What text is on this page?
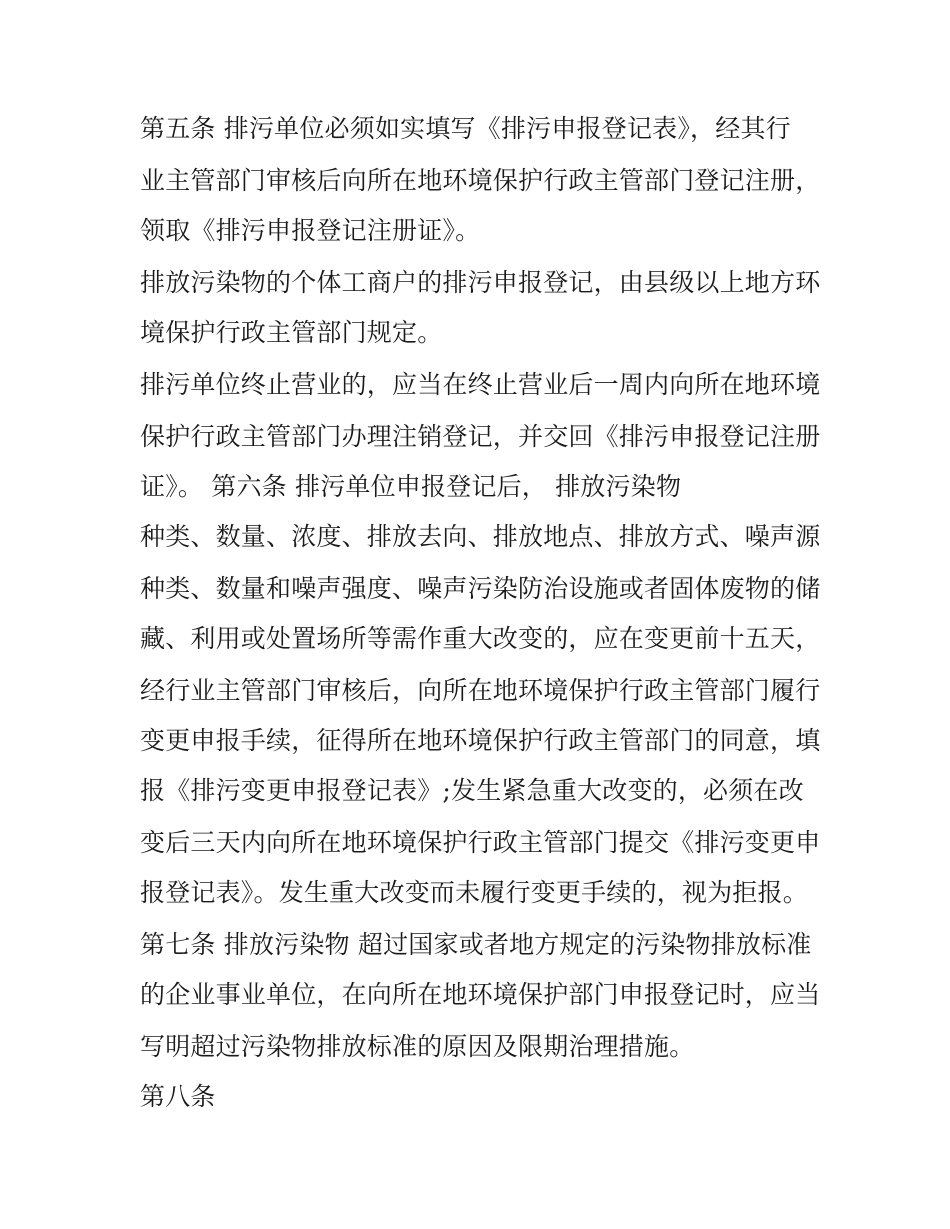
第五条 排污单位必须如实填写《排污申报登记表》，经其行
业主管部门审核后向所在地环境保护行政主管部门登记注册，
领取《排污申报登记注册证》。
排放污染物的个体工商户的排污申报登记，由县级以上地方环
境保护行政主管部门规定。
排污单位终止营业的，应当在终止营业后一周内向所在地环境
保护行政主管部门办理注销登记，并交回《排污申报登记注册
证》。 第六条 排污单位申报登记后， 排放污染物
种类、数量、浓度、排放去向、排放地点、排放方式、噪声源
种类、数量和噪声强度、噪声污染防治设施或者固体废物的储
藏、利用或处置场所等需作重大改变的，应在变更前十五天，
经行业主管部门审核后，向所在地环境保护行政主管部门履行
变更申报手续，征得所在地环境保护行政主管部门的同意，填
报《排污变更申报登记表》;发生紧急重大改变的，必须在改
变后三天内向所在地环境保护行政主管部门提交《排污变更申
报登记表》。发生重大改变而未履行变更手续的，视为拒报。
第七条 排放污染物 超过国家或者地方规定的污染物排放标准
的企业事业单位，在向所在地环境保护部门申报登记时，应当
写明超过污染物排放标准的原因及限期治理措施。
第八条
